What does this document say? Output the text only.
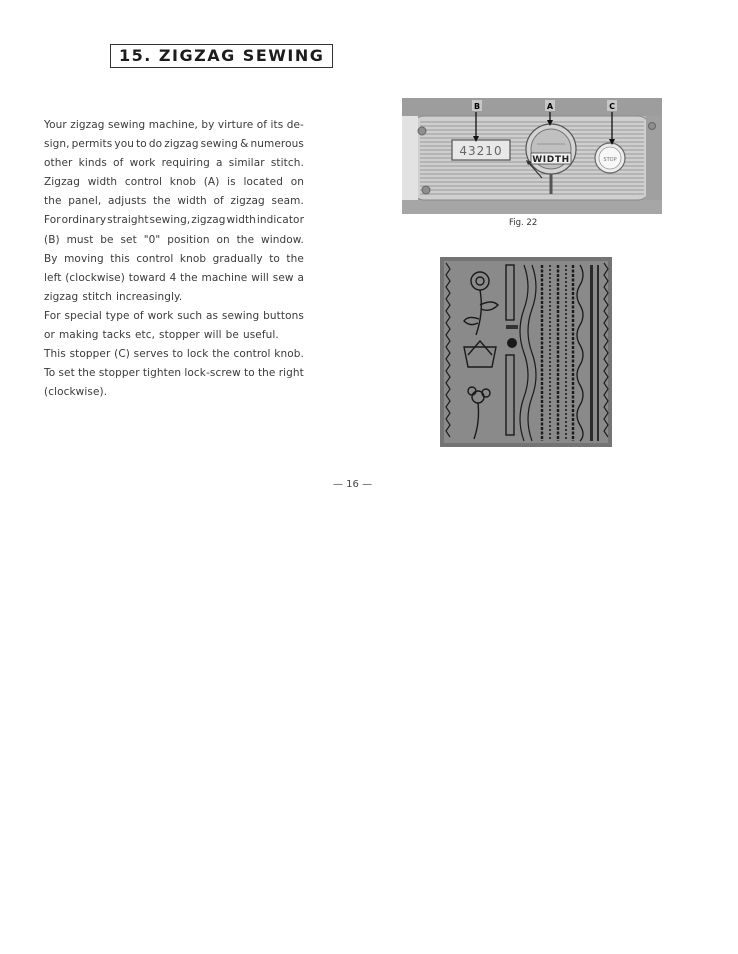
15. ZIGZAG SEWING
Your zigzag sewing machine, by virture of its de-
sign, permits you to do zigzag sewing & numerous
other kinds of work requiring a similar stitch.
Zigzag width control knob (A) is located on
the panel, adjusts the width of zigzag seam.
For ordinary straight sewing, zigzag width indicator
(B) must be set "0" position on the window.
By moving this control knob gradually to the
left (clockwise) toward 4 the machine will sew a
zigzag stitch increasingly.
For special type of work such as sewing buttons
or making tacks etc, stopper will be useful.
This stopper (C) serves to lock the control knob.
To set the stopper tighten lock-screw to the right
(clockwise).
43210
WIDTH	STOP
B	A	C
Fig. 22
— 16 —
